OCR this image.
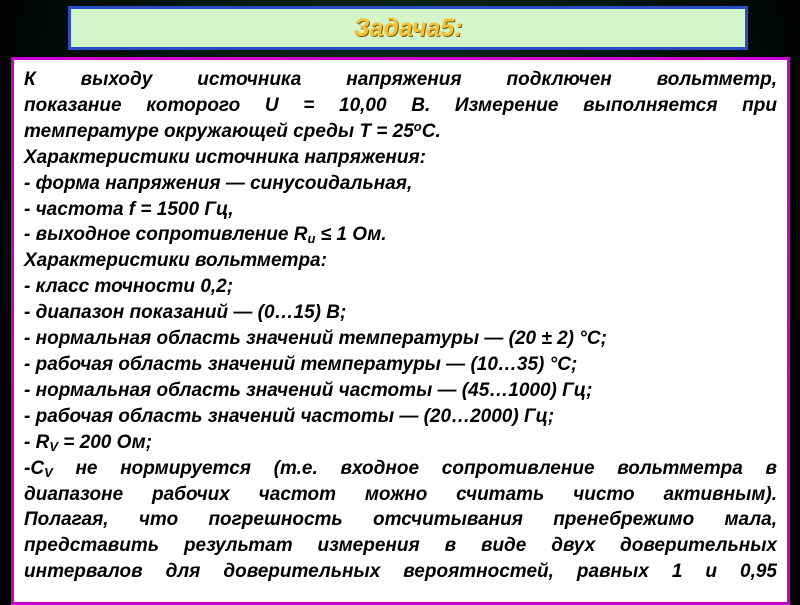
Задача5:
К выходу источника напряжения подключен вольтметр,
показание которого U = 10,00 В. Измерение выполняется при
температуре окружающей среды $T = 25^oC$.
Характеристики источника напряжения:
- форма напряжения — синусоидальная,
- частота f = 1500 Гц,
- выходное сопротивление $R_u \le 1$ Ом.
Характеристики вольтметра:
- класс точности 0,2;
- диапазон показаний — (0…15) В;
- нормальная область значений температуры — (20 ± 2) °С;
- рабочая область значений температуры — (10…35) °С;
- нормальная область значений частоты — (45…1000) Гц;
- рабочая область значений частоты — (20…2000) Гц;
- $R_V = 200$ Ом;
$-C_V$ не нормируется (т.е. входное сопротивление вольтметра в
диапазоне рабочих частот можно считать чисто активным).
Полагая, что погрешность отсчитывания пренебрежимо мала,
представить результат измерения в виде двух доверительных
интервалов для доверительных вероятностей, равных 1 и 0,95
